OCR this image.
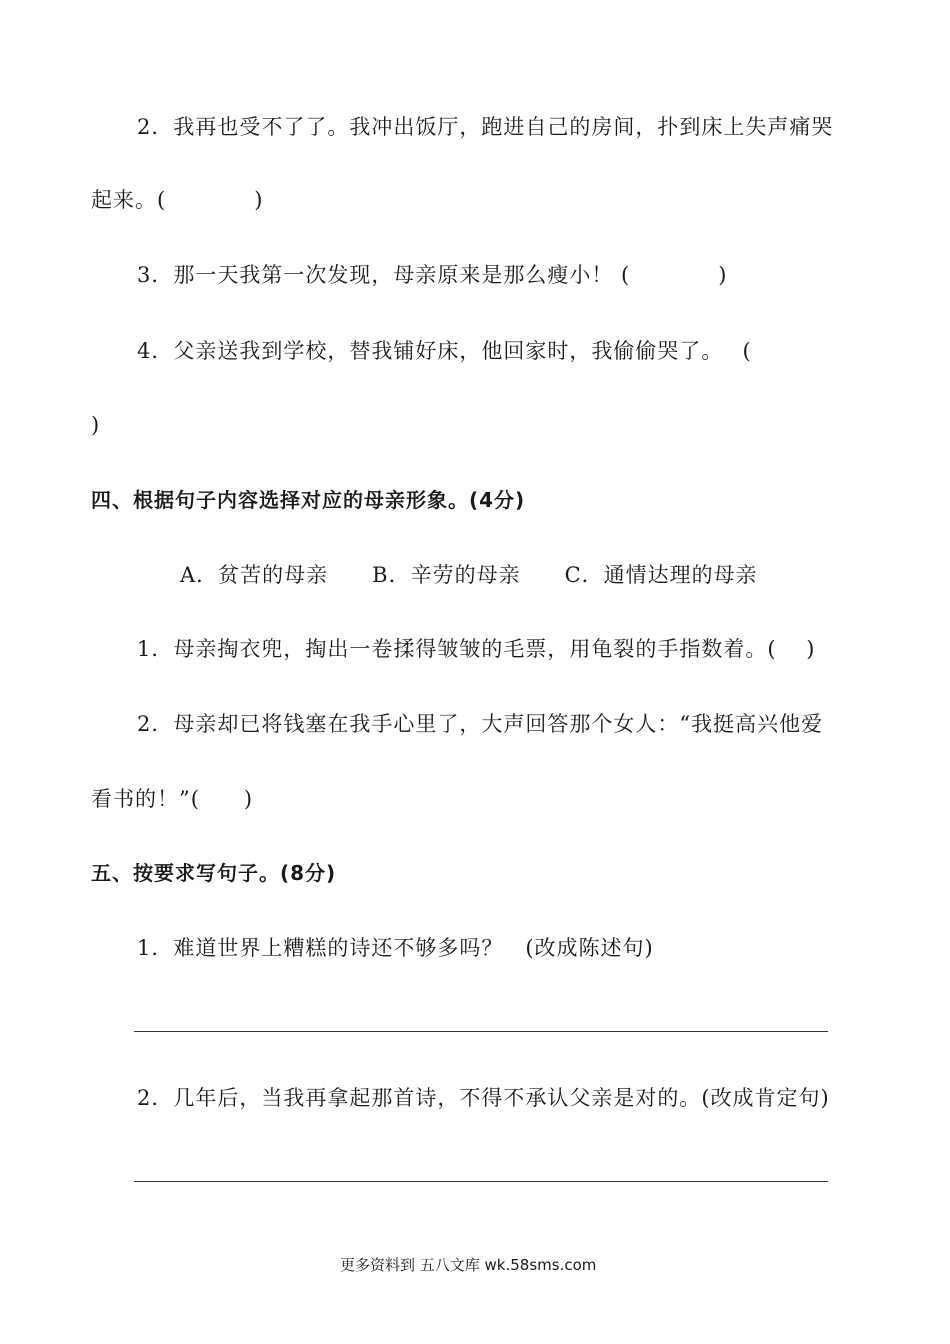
2．我再也受不了了。我冲出饭厅，跑进自己的房间，扑到床上失声痛哭
起来。(　　　　)
3．那一天我第一次发现，母亲原来是那么瘦小！ (　　　　)
4．父亲送我到学校，替我铺好床，他回家时，我偷偷哭了。　 (
)
四、根据句子内容选择对应的母亲形象。(4分)
A．贫苦的母亲　　B．辛劳的母亲　　C．通情达理的母亲
1．母亲掏衣兜，掏出一卷揉得皱皱的毛票，用龟裂的手指数着。(　 )
2．母亲却已将钱塞在我手心里了，大声回答那个女人：“我挺高兴他爱
看书的！”(　　)
五、按要求写句子。(8分)
1．难道世界上糟糕的诗还不够多吗？　(改成陈述句)
2．几年后，当我再拿起那首诗，不得不承认父亲是对的。(改成肯定句)
更多资料到 五八文库 wk.58sms.com
